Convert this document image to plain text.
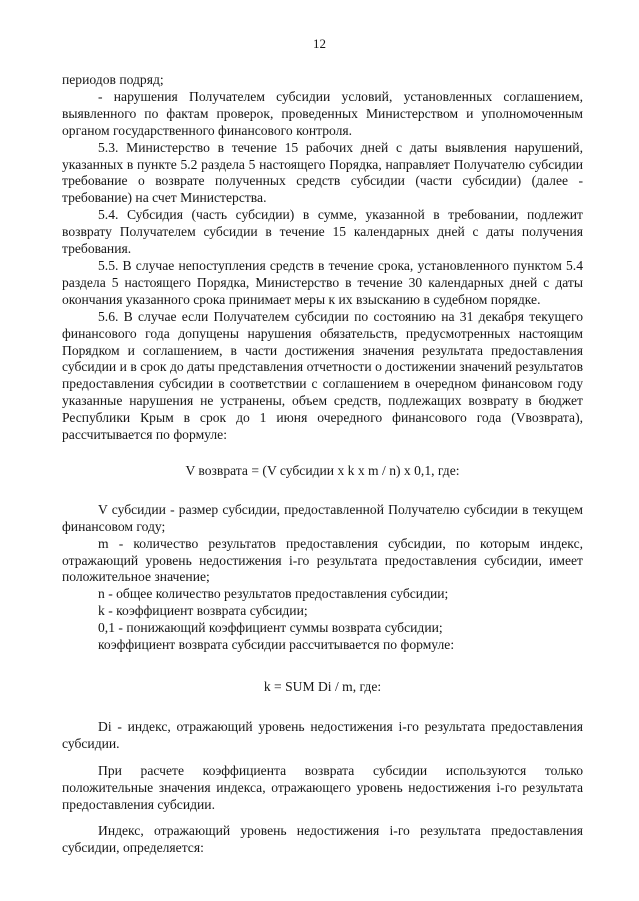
12

периодов подряд;

- нарушения Получателем субсидии условий, установленных соглашением, выявленного по фактам проверок, проведенных Министерством и уполномоченным органом государственного финансового контроля.

5.3. Министерство в течение 15 рабочих дней с даты выявления нарушений, указанных в пункте 5.2 раздела 5 настоящего Порядка, направляет Получателю субсидии требование о возврате полученных средств субсидии (части субсидии) (далее - требование) на счет Министерства.

5.4. Субсидия (часть субсидии) в сумме, указанной в требовании, подлежит возврату Получателем субсидии в течение 15 календарных дней с даты получения требования.

5.5. В случае непоступления средств в течение срока, установленного пунктом 5.4 раздела 5 настоящего Порядка, Министерство в течение 30 календарных дней с даты окончания указанного срока принимает меры к их взысканию в судебном порядке.

5.6. В случае если Получателем субсидии по состоянию на 31 декабря текущего финансового года допущены нарушения обязательств, предусмотренных настоящим Порядком и соглашением, в части достижения значения результата предоставления субсидии и в срок до даты представления отчетности о достижении значений результатов предоставления субсидии в соответствии с соглашением в очередном финансовом году указанные нарушения не устранены, объем средств, подлежащих возврату в бюджет Республики Крым в срок до 1 июня очередного финансового года (Vвозврата), рассчитывается по формуле:

V возврата = (V субсидии x k x m / n) x 0,1, где:

V субсидии - размер субсидии, предоставленной Получателю субсидии в текущем финансовом году;

m - количество результатов предоставления субсидии, по которым индекс, отражающий уровень недостижения i-го результата предоставления субсидии, имеет положительное значение;

n - общее количество результатов предоставления субсидии;

k - коэффициент возврата субсидии;

0,1 - понижающий коэффициент суммы возврата субсидии;

коэффициент возврата субсидии рассчитывается по формуле:

k = SUM Di / m, где:

Di - индекс, отражающий уровень недостижения i-го результата предоставления субсидии.

При расчете коэффициента возврата субсидии используются только положительные значения индекса, отражающего уровень недостижения i-го результата предоставления субсидии.

Индекс, отражающий уровень недостижения i-го результата предоставления субсидии, определяется:
